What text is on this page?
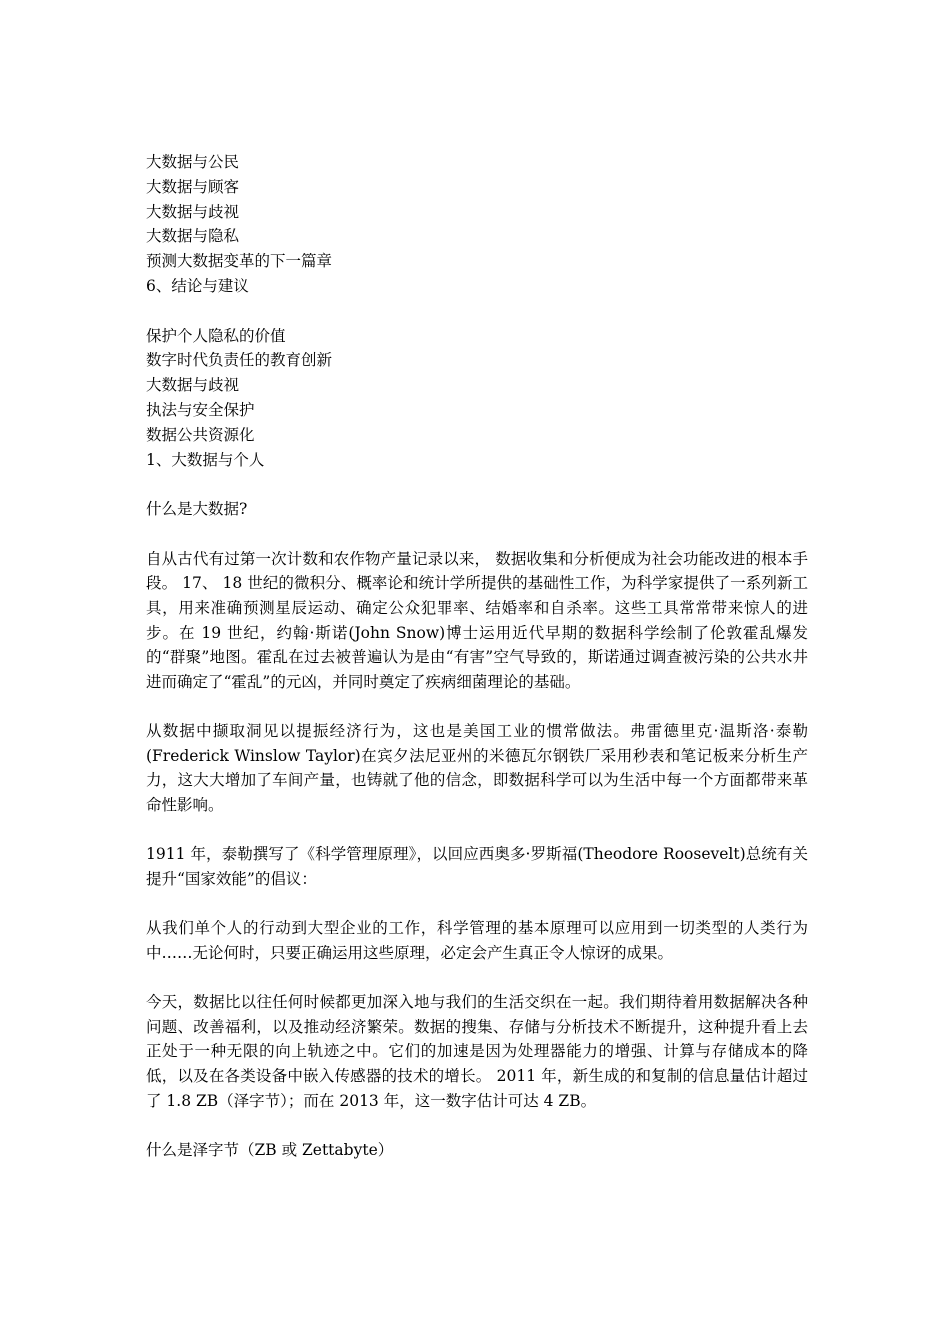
大数据与公民
大数据与顾客
大数据与歧视
大数据与隐私
预测大数据变革的下一篇章
6、结论与建议
保护个人隐私的价值
数字时代负责任的教育创新
大数据与歧视
执法与安全保护
数据公共资源化
1、大数据与个人
什么是大数据?

自从古代有过第一次计数和农作物产量记录以来， 数据收集和分析便成为社会功能改进的根本手段。 17、 18 世纪的微积分、概率论和统计学所提供的基础性工作，为科学家提供了一系列新工具，用来准确预测星辰运动、确定公众犯罪率、结婚率和自杀率。这些工具常常带来惊人的进步。在 19 世纪，约翰·斯诺(John Snow)博士运用近代早期的数据科学绘制了伦敦霍乱爆发的“群聚”地图。霍乱在过去被普遍认为是由“有害”空气导致的，斯诺通过调查被污染的公共水井进而确定了“霍乱”的元凶，并同时奠定了疾病细菌理论的基础。

从数据中撷取洞见以提振经济行为，这也是美国工业的惯常做法。弗雷德里克·温斯洛·泰勒(Frederick Winslow Taylor)在宾夕法尼亚州的米德瓦尔钢铁厂采用秒表和笔记板来分析生产力，这大大增加了车间产量，也铸就了他的信念，即数据科学可以为生活中每一个方面都带来革命性影响。

1911 年，泰勒撰写了《科学管理原理》，以回应西奥多·罗斯福(Theodore Roosevelt)总统有关提升“国家效能”的倡议：

从我们单个人的行动到大型企业的工作，科学管理的基本原理可以应用到一切类型的人类行为中……无论何时，只要正确运用这些原理，必定会产生真正令人惊讶的成果。

今天，数据比以往任何时候都更加深入地与我们的生活交织在一起。我们期待着用数据解决各种问题、改善福利，以及推动经济繁荣。数据的搜集、存储与分析技术不断提升，这种提升看上去正处于一种无限的向上轨迹之中。它们的加速是因为处理器能力的增强、计算与存储成本的降低，以及在各类设备中嵌入传感器的技术的增长。 2011 年，新生成的和复制的信息量估计超过了 1.8 ZB（泽字节）；而在 2013 年，这一数字估计可达 4 ZB。

什么是泽字节（ZB 或 Zettabyte）
